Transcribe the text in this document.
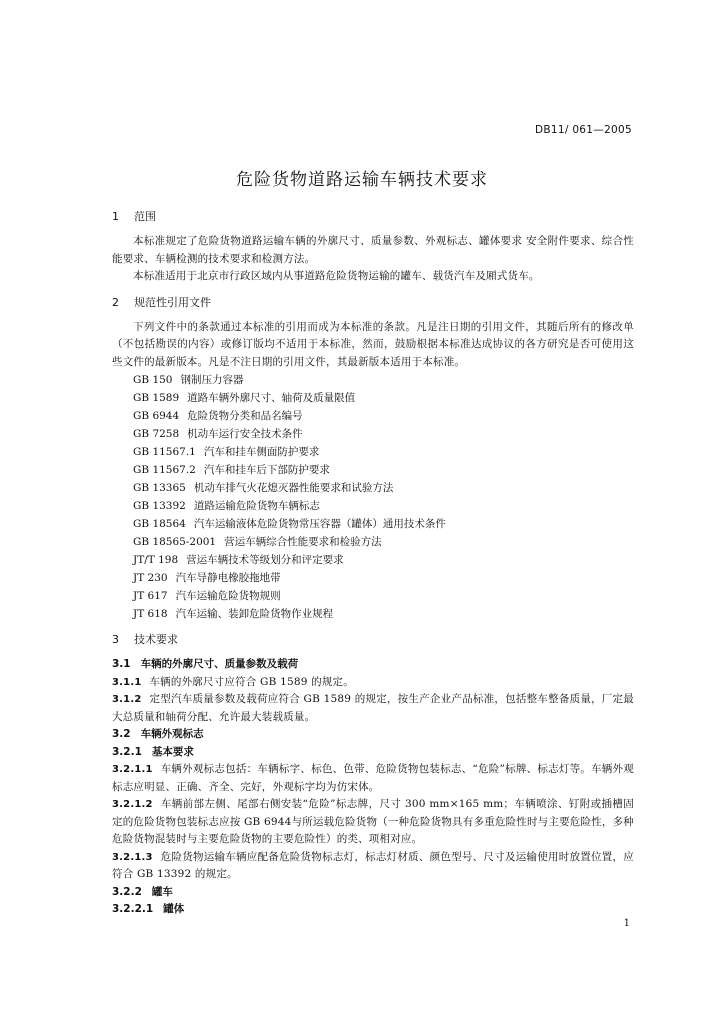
DB11/ 061—2005
危险货物道路运输车辆技术要求

1 范围

本标准规定了危险货物道路运输车辆的外廓尺寸、质量参数、外观标志、罐体要求 安全附件要求、综合性能要求、车辆检测的技术要求和检测方法。

本标准适用于北京市行政区域内从事道路危险货物运输的罐车、载货汽车及厢式货车。

2 规范性引用文件

下列文件中的条款通过本标准的引用而成为本标准的条款。凡是注日期的引用文件，其随后所有的修改单（不包括勘误的内容）或修订版均不适用于本标准，然而，鼓励根据本标准达成协议的各方研究是否可使用这些文件的最新版本。凡是不注日期的引用文件，其最新版本适用于本标准。

GB 150 钢制压力容器
GB 1589 道路车辆外廓尺寸、轴荷及质量限值
GB 6944 危险货物分类和品名编号
GB 7258 机动车运行安全技术条件
GB 11567.1 汽车和挂车侧面防护要求
GB 11567.2 汽车和挂车后下部防护要求
GB 13365 机动车排气火花熄灭器性能要求和试验方法
GB 13392 道路运输危险货物车辆标志
GB 18564 汽车运输液体危险货物常压容器（罐体）通用技术条件
GB 18565-2001 营运车辆综合性能要求和检验方法
JT/T 198 营运车辆技术等级划分和评定要求
JT 230 汽车导静电橡胶拖地带
JT 617 汽车运输危险货物规则
JT 618 汽车运输、装卸危险货物作业规程

3 技术要求

3.1 车辆的外廓尺寸、质量参数及载荷

3.1.1 车辆的外廓尺寸应符合 GB 1589 的规定。

3.1.2 定型汽车质量参数及载荷应符合 GB 1589 的规定，按生产企业产品标准，包括整车整备质量，厂定最大总质量和轴荷分配、允许最大装载质量。

3.2 车辆外观标志

3.2.1 基本要求

3.2.1.1 车辆外观标志包括：车辆标字、标色、色带、危险货物包装标志、“危险”标牌、标志灯等。车辆外观标志应明显、正确、齐全、完好，外观标字均为仿宋体。

3.2.1.2 车辆前部左侧、尾部右侧安装“危险”标志牌，尺寸 300 mm×165 mm；车辆喷涂、钉附或插槽固定的危险货物包装标志应按 GB 6944与所运载危险货物（一种危险货物具有多重危险性时与主要危险性，多种危险货物混装时与主要危险货物的主要危险性）的类、项相对应。

3.2.1.3 危险货物运输车辆应配备危险货物标志灯，标志灯材质、颜色型号、尺寸及运输使用时放置位置，应符合 GB 13392 的规定。

3.2.2 罐车

3.2.2.1 罐体

1
